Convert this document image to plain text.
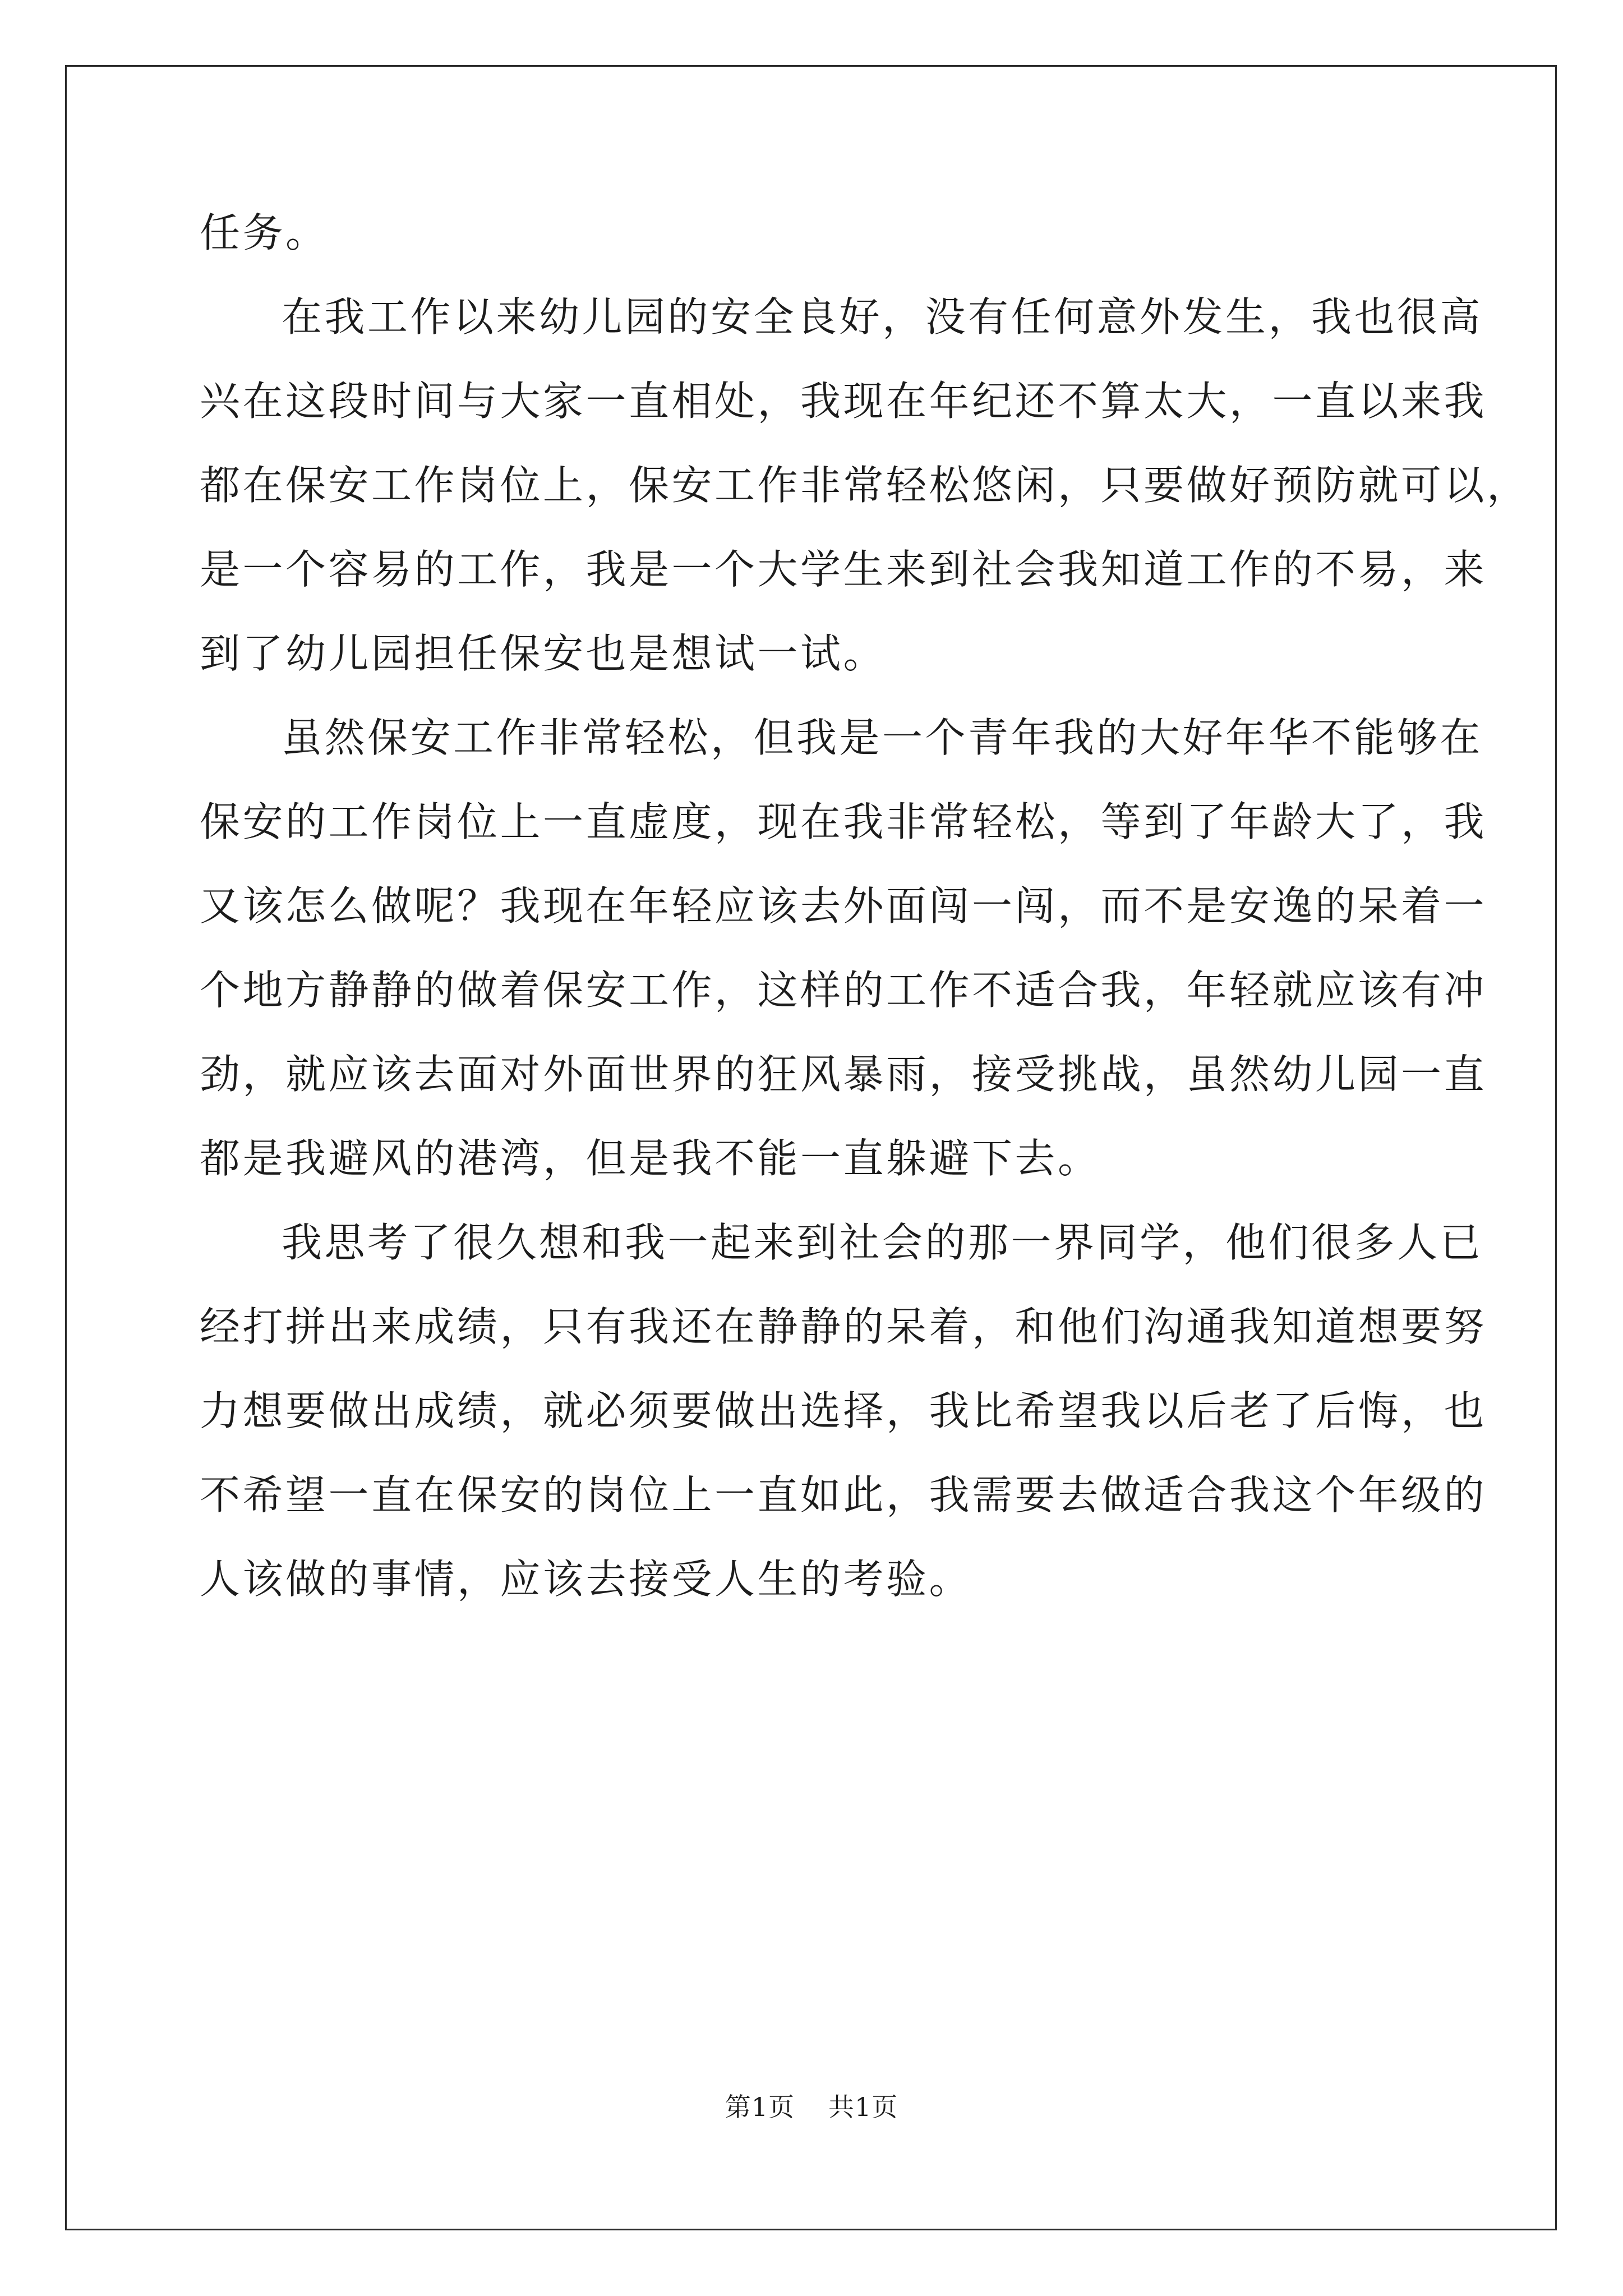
任务。
在我工作以来幼儿园的安全良好，没有任何意外发生，我也很高
兴在这段时间与大家一直相处，我现在年纪还不算太大，一直以来我
都在保安工作岗位上，保安工作非常轻松悠闲，只要做好预防就可以，
是一个容易的工作，我是一个大学生来到社会我知道工作的不易，来
到了幼儿园担任保安也是想试一试。
虽然保安工作非常轻松，但我是一个青年我的大好年华不能够在
保安的工作岗位上一直虚度，现在我非常轻松，等到了年龄大了，我
又该怎么做呢？我现在年轻应该去外面闯一闯，而不是安逸的呆着一
个地方静静的做着保安工作，这样的工作不适合我，年轻就应该有冲
劲，就应该去面对外面世界的狂风暴雨，接受挑战，虽然幼儿园一直
都是我避风的港湾，但是我不能一直躲避下去。
我思考了很久想和我一起来到社会的那一界同学，他们很多人已
经打拼出来成绩，只有我还在静静的呆着，和他们沟通我知道想要努
力想要做出成绩，就必须要做出选择，我比希望我以后老了后悔，也
不希望一直在保安的岗位上一直如此，我需要去做适合我这个年级的
人该做的事情，应该去接受人生的考验。
第1页 共1页
